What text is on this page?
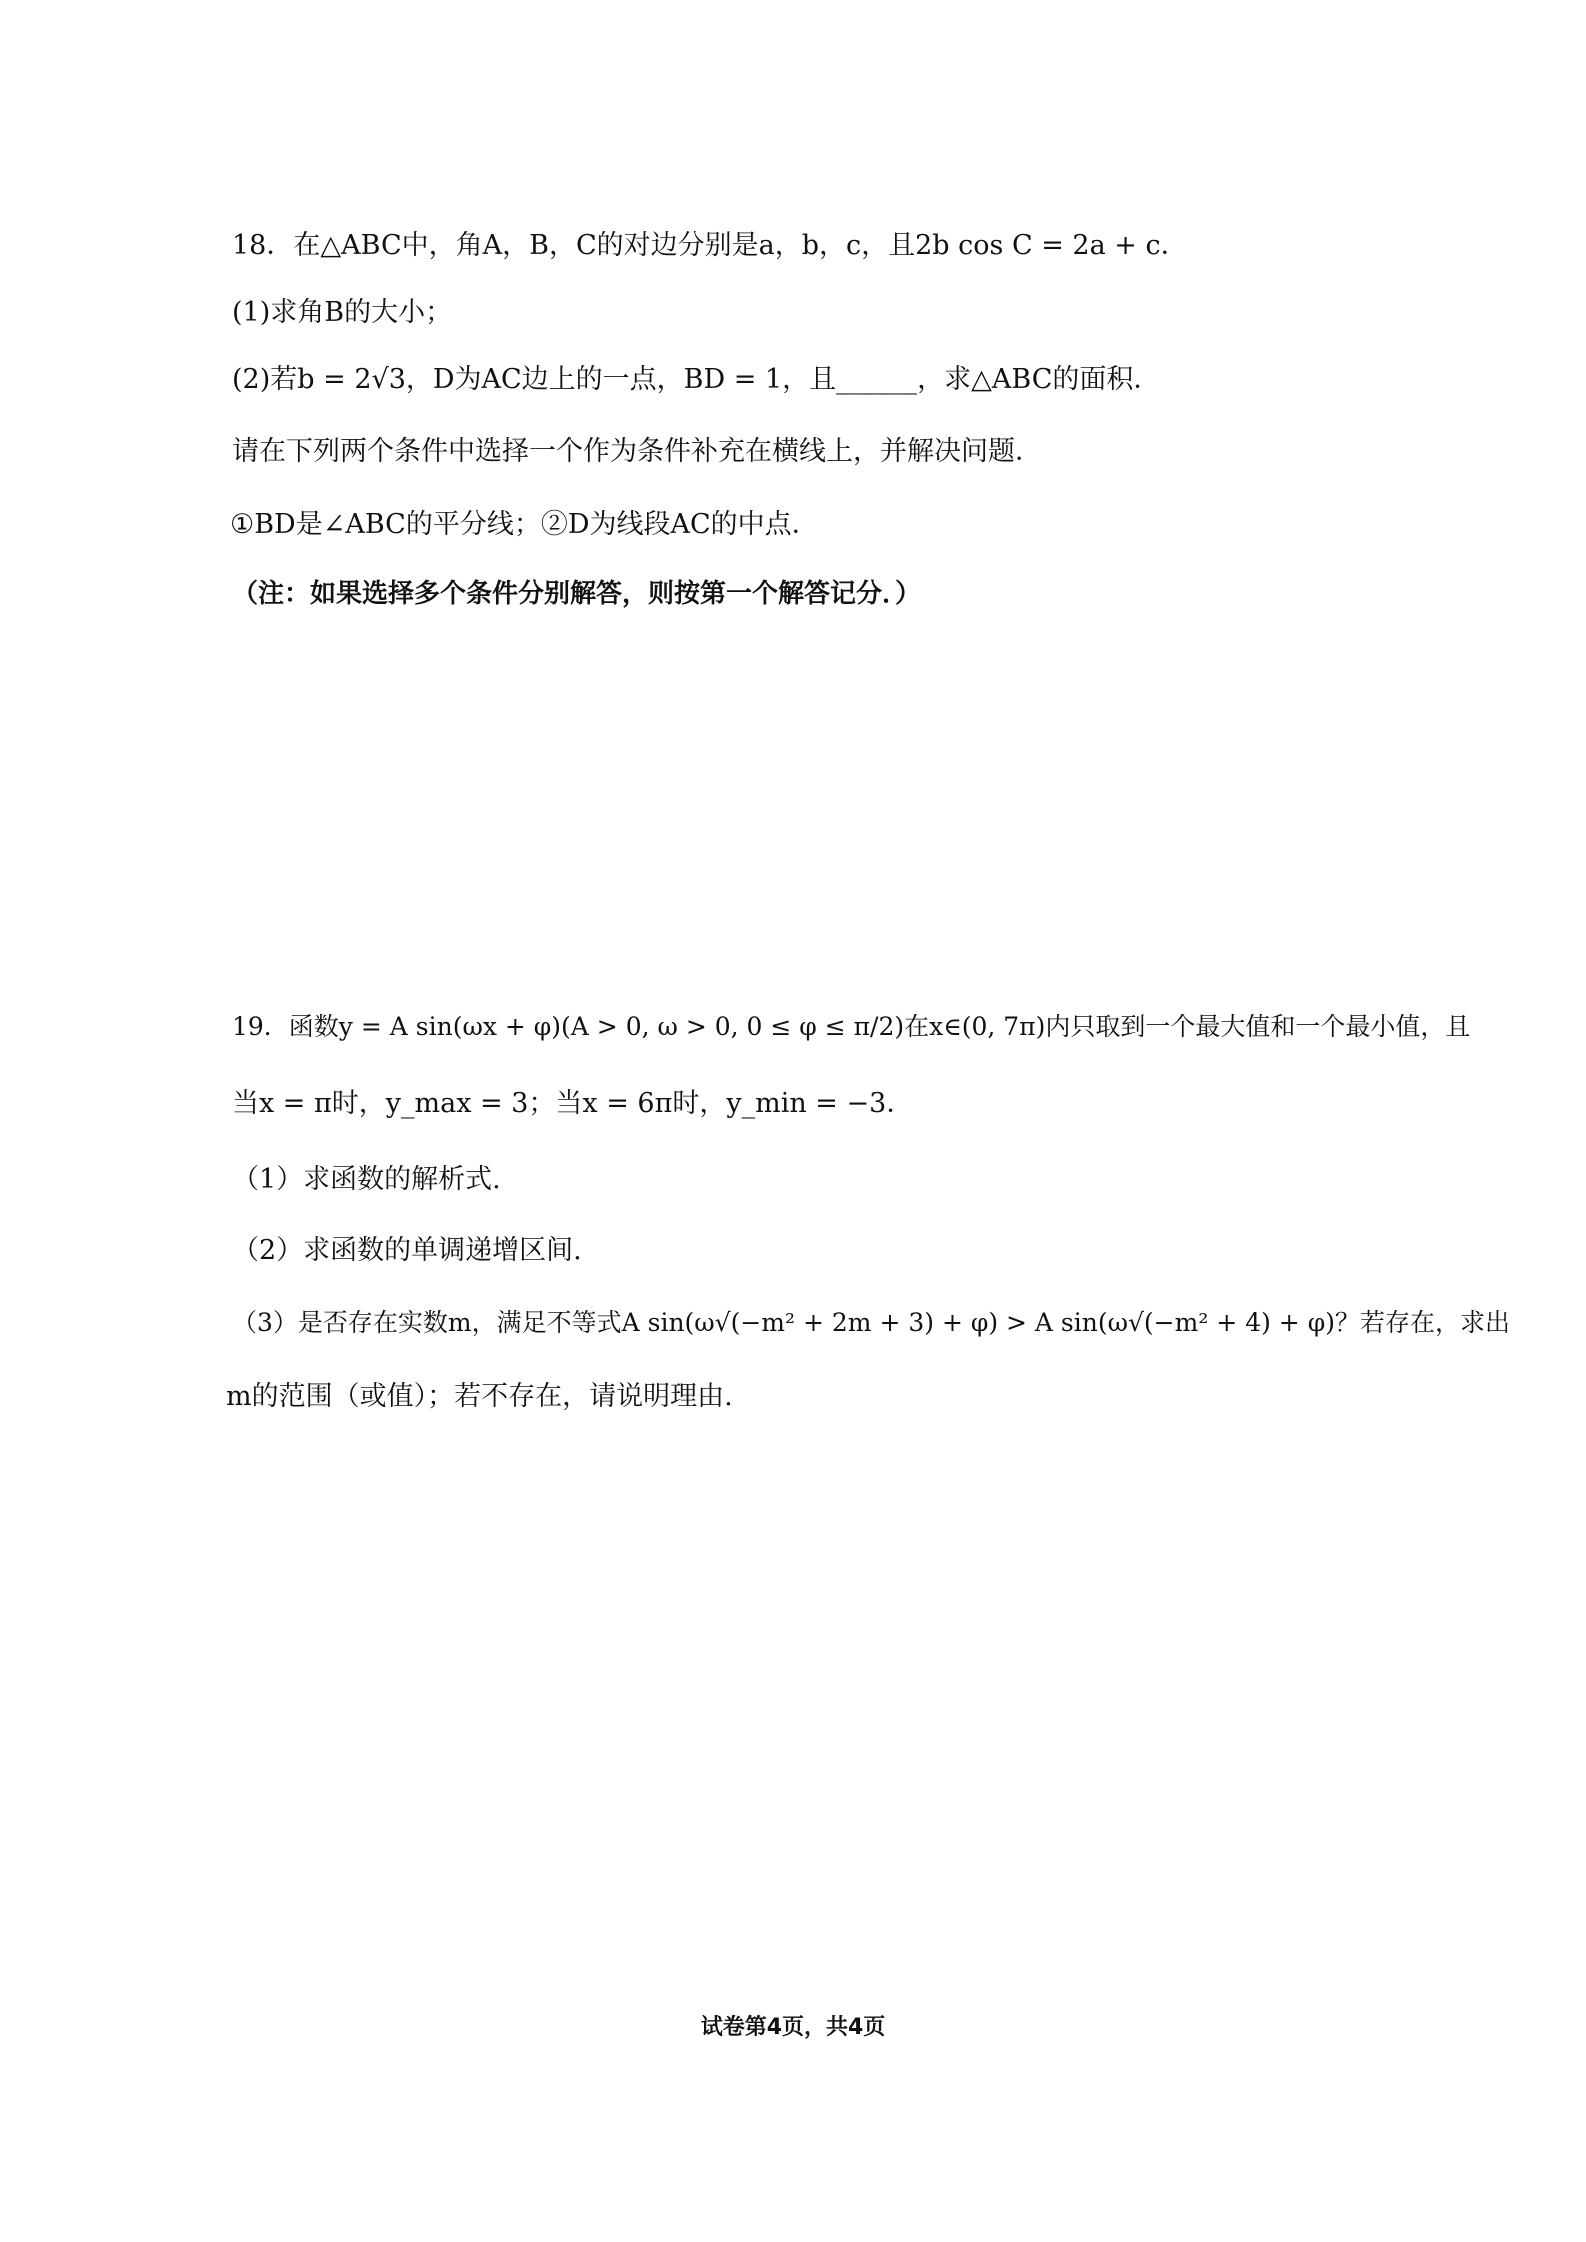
18．在△ABC中，角A，B，C的对边分别是a，b，c，且2b cos C = 2a + c．
(1)求角B的大小；
(2)若b = 2√3，D为AC边上的一点，BD = 1，且______，求△ABC的面积．
请在下列两个条件中选择一个作为条件补充在横线上，并解决问题．
①BD是∠ABC的平分线；②D为线段AC的中点．
（注：如果选择多个条件分别解答，则按第一个解答记分．）
19．函数y = A sin(ωx + φ)(A > 0, ω > 0, 0 ≤ φ ≤ π/2)在x∈(0, 7π)内只取到一个最大值和一个最小值，且
当x = π时，y_max = 3；当x = 6π时，y_min = −3．
（1）求函数的解析式.
（2）求函数的单调递增区间.
（3）是否存在实数m，满足不等式A sin(ω√(−m² + 2m + 3) + φ) > A sin(ω√(−m² + 4) + φ)？若存在，求出
m的范围（或值）；若不存在，请说明理由.
试卷第4页，共4页
